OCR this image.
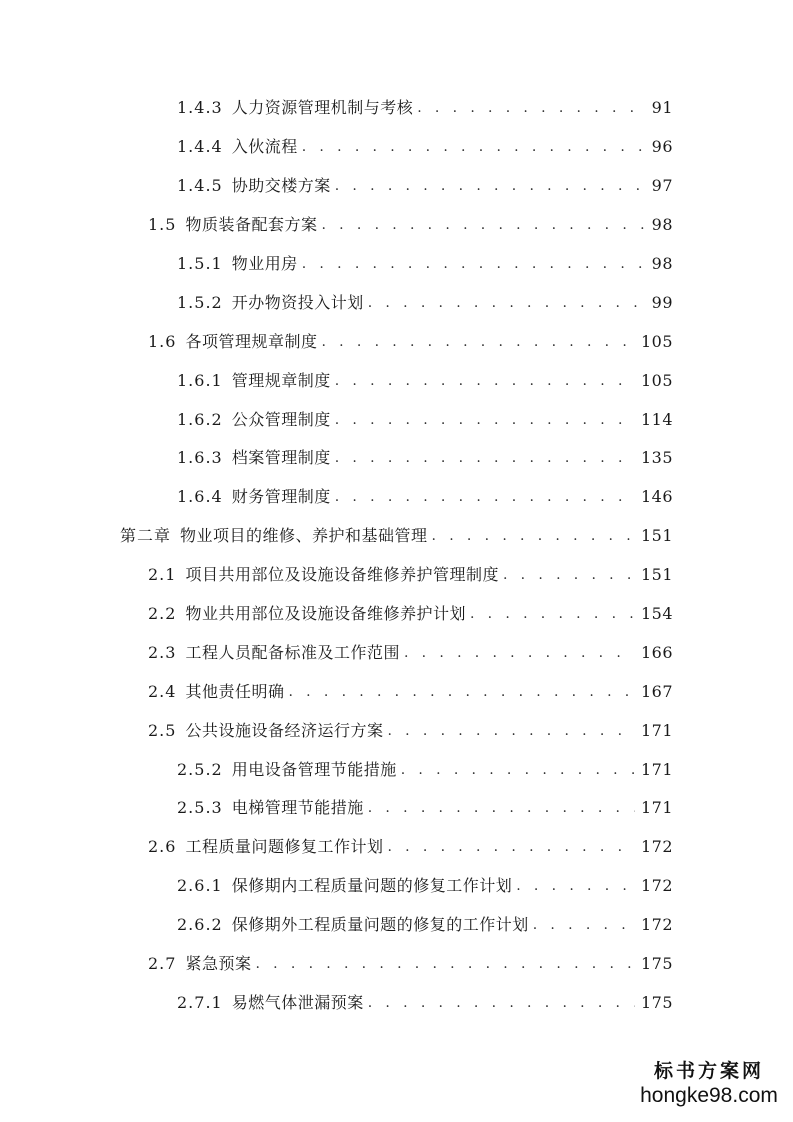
1.4.3 人力资源管理机制与考核 . . .	91
1.4.4 入伙流程 . . .	96
1.4.5 协助交楼方案 . . .	97
1.5 物质装备配套方案 . . .	98
1.5.1 物业用房 . . .	98
1.5.2 开办物资投入计划 . . .	99
1.6 各项管理规章制度 . . .	105
1.6.1 管理规章制度 . . .	105
1.6.2 公众管理制度 . . .	114
1.6.3 档案管理制度 . . .	135
1.6.4 财务管理制度 . . .	146
第二章 物业项目的维修、养护和基础管理 . . .	151
2.1 项目共用部位及设施设备维修养护管理制度 . . .	151
2.2 物业共用部位及设施设备维修养护计划 . . .	154
2.3 工程人员配备标准及工作范围 . . .	166
2.4 其他责任明确 . . .	167
2.5 公共设施设备经济运行方案 . . .	171
2.5.2 用电设备管理节能措施 . . .	171
2.5.3 电梯管理节能措施 . . .	171
2.6 工程质量问题修复工作计划 . . .	172
2.6.1 保修期内工程质量问题的修复工作计划 . . .	172
2.6.2 保修期外工程质量问题的修复的工作计划 . . .	172
2.7 紧急预案 . . .	175
2.7.1 易燃气体泄漏预案 . . .	175
标书方案网
hongke98.com
